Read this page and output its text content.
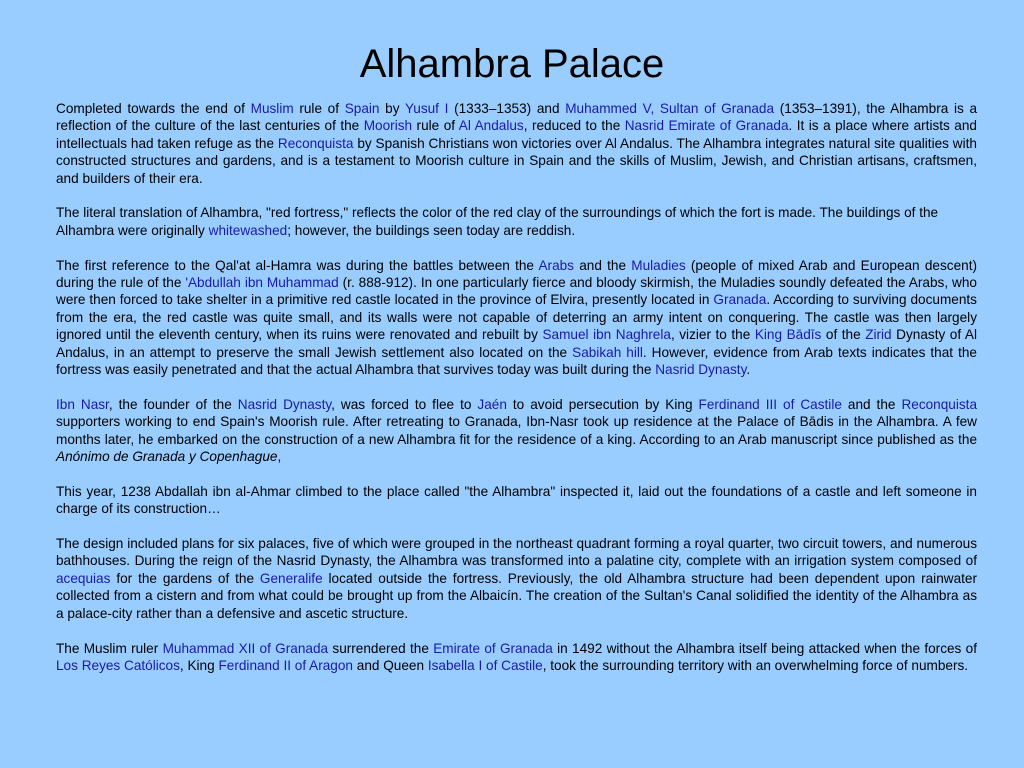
Alhambra Palace

Completed towards the end of Muslim rule of Spain by Yusuf I (1333–1353) and Muhammed V, Sultan of Granada (1353–1391), the Alhambra is a reflection of the culture of the last centuries of the Moorish rule of Al Andalus, reduced to the Nasrid Emirate of Granada. It is a place where artists and intellectuals had taken refuge as the Reconquista by Spanish Christians won victories over Al Andalus. The Alhambra integrates natural site qualities with constructed structures and gardens, and is a testament to Moorish culture in Spain and the skills of Muslim, Jewish, and Christian artisans, craftsmen, and builders of their era.

The literal translation of Alhambra, "red fortress," reflects the color of the red clay of the surroundings of which the fort is made. The buildings of the Alhambra were originally whitewashed; however, the buildings seen today are reddish.

The first reference to the Qal'at al-Hamra was during the battles between the Arabs and the Muladies (people of mixed Arab and European descent) during the rule of the 'Abdullah ibn Muhammad (r. 888-912). In one particularly fierce and bloody skirmish, the Muladies soundly defeated the Arabs, who were then forced to take shelter in a primitive red castle located in the province of Elvira, presently located in Granada. According to surviving documents from the era, the red castle was quite small, and its walls were not capable of deterring an army intent on conquering. The castle was then largely ignored until the eleventh century, when its ruins were renovated and rebuilt by Samuel ibn Naghrela, vizier to the King Bādīs of the Zirid Dynasty of Al Andalus, in an attempt to preserve the small Jewish settlement also located on the Sabikah hill. However, evidence from Arab texts indicates that the fortress was easily penetrated and that the actual Alhambra that survives today was built during the Nasrid Dynasty.

Ibn Nasr, the founder of the Nasrid Dynasty, was forced to flee to Jaén to avoid persecution by King Ferdinand III of Castile and the Reconquista supporters working to end Spain's Moorish rule. After retreating to Granada, Ibn-Nasr took up residence at the Palace of Bādis in the Alhambra. A few months later, he embarked on the construction of a new Alhambra fit for the residence of a king. According to an Arab manuscript since published as the Anónimo de Granada y Copenhague,

This year, 1238 Abdallah ibn al-Ahmar climbed to the place called "the Alhambra" inspected it, laid out the foundations of a castle and left someone in charge of its construction…

The design included plans for six palaces, five of which were grouped in the northeast quadrant forming a royal quarter, two circuit towers, and numerous bathhouses. During the reign of the Nasrid Dynasty, the Alhambra was transformed into a palatine city, complete with an irrigation system composed of acequias for the gardens of the Generalife located outside the fortress. Previously, the old Alhambra structure had been dependent upon rainwater collected from a cistern and from what could be brought up from the Albaicín. The creation of the Sultan's Canal solidified the identity of the Alhambra as a palace-city rather than a defensive and ascetic structure.

The Muslim ruler Muhammad XII of Granada surrendered the Emirate of Granada in 1492 without the Alhambra itself being attacked when the forces of Los Reyes Católicos, King Ferdinand II of Aragon and Queen Isabella I of Castile, took the surrounding territory with an overwhelming force of numbers.
